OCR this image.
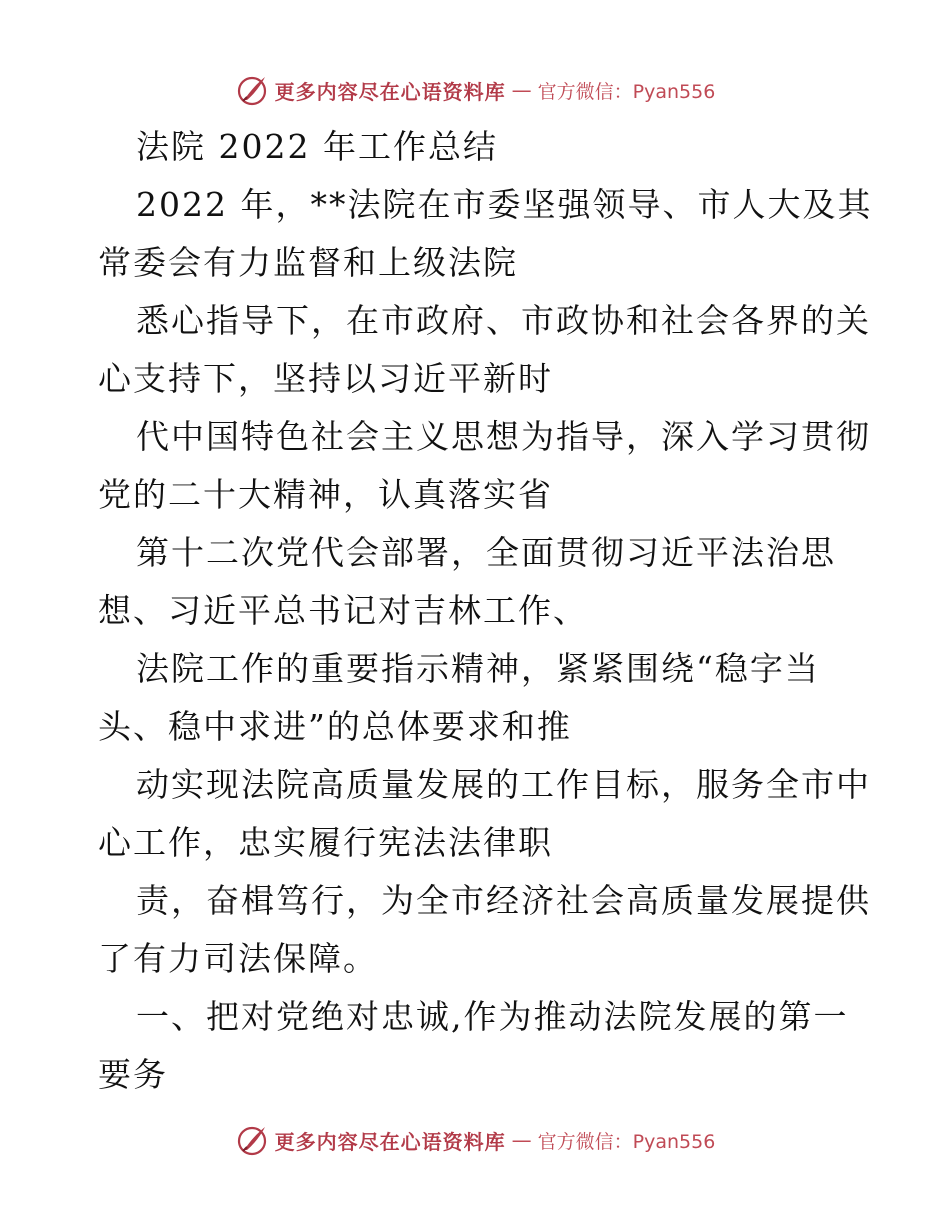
更多内容尽在心语资料库 — 官方微信：Pyan556
法院 2022 年工作总结
2022 年，**法院在市委坚强领导、市人大及其
常委会有力监督和上级法院
悉心指导下，在市政府、市政协和社会各界的关
心支持下，坚持以习近平新时
代中国特色社会主义思想为指导，深入学习贯彻
党的二十大精神，认真落实省
第十二次党代会部署，全面贯彻习近平法治思
想、习近平总书记对吉林工作、
法院工作的重要指示精神，紧紧围绕“稳字当
头、稳中求进”的总体要求和推
动实现法院高质量发展的工作目标，服务全市中
心工作，忠实履行宪法法律职
责，奋楫笃行，为全市经济社会高质量发展提供
了有力司法保障。
一、把对党绝对忠诚,作为推动法院发展的第一
要务
更多内容尽在心语资料库 — 官方微信：Pyan556
